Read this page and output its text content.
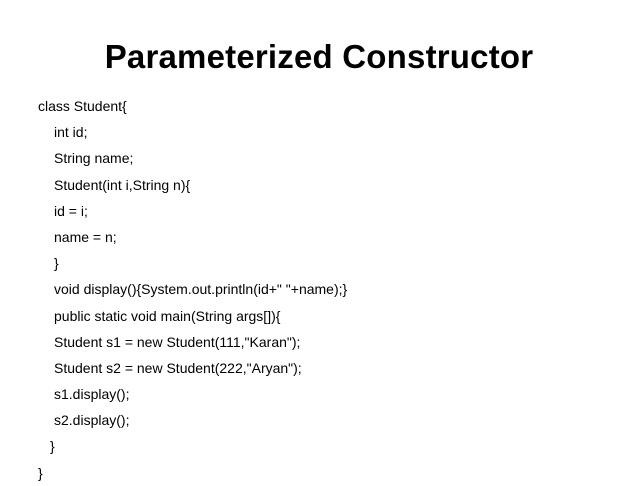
Parameterized Constructor
class Student{
int id;
String name;
Student(int i,String n){
id = i;
name = n;
}
void display(){System.out.println(id+" "+name);}
public static void main(String args[]){
Student s1 = new Student(111,"Karan");
Student s2 = new Student(222,"Aryan");
s1.display();
s2.display();
}
}
